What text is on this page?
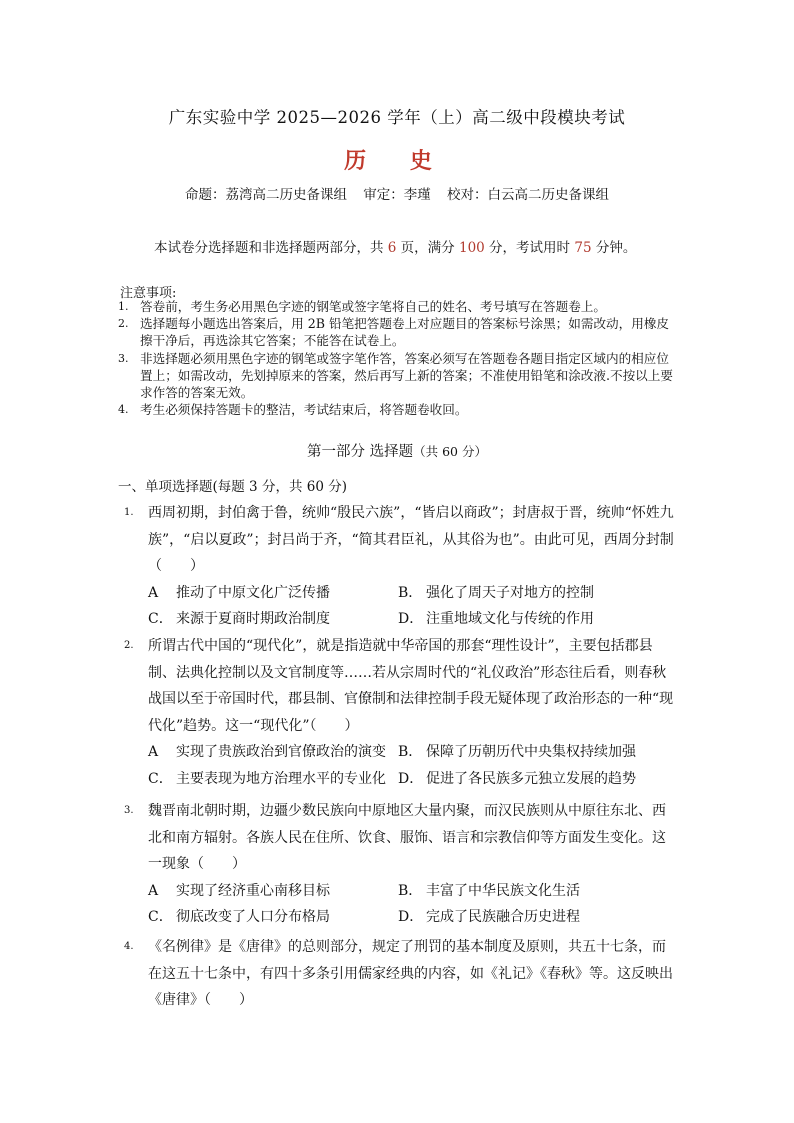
广东实验中学 2025—2026 学年（上）高二级中段模块考试
历 史
命题：荔湾高二历史备课组 审定：李瑾 校对：白云高二历史备课组
本试卷分选择题和非选择题两部分，共 6 页，满分 100 分，考试用时 75 分钟。
注意事项:
1. 答卷前，考生务必用黑色字迹的钢笔或签字笔将自己的姓名、考号填写在答题卷上。
2. 选择题每小题选出答案后，用 2B 铅笔把答题卷上对应题目的答案标号涂黑；如需改动，用橡皮擦干净后，再选涂其它答案；不能答在试卷上。
3. 非选择题必须用黑色字迹的钢笔或签字笔作答，答案必须写在答题卷各题目指定区域内的相应位置上；如需改动，先划掉原来的答案，然后再写上新的答案；不准使用铅笔和涂改液.不按以上要求作答的答案无效。
4. 考生必须保持答题卡的整洁，考试结束后，将答题卷收回。
第一部分 选择题（共 60 分）
一、单项选择题(每题 3 分，共 60 分)
1. 西周初期，封伯禽于鲁，统帅“殷民六族”，“皆启以商政”；封唐叔于晋，统帅“怀姓九族”，“启以夏政”；封吕尚于齐，“简其君臣礼，从其俗为也”。由此可见，西周分封制（　　）
A 推动了中原文化广泛传播	B． 强化了周天子对地方的控制
C． 来源于夏商时期政治制度	D． 注重地域文化与传统的作用
2. 所谓古代中国的“现代化”，就是指造就中华帝国的那套“理性设计”，主要包括郡县制、法典化控制以及文官制度等……若从宗周时代的“礼仪政治”形态往后看，则春秋战国以至于帝国时代，郡县制、官僚制和法律控制手段无疑体现了政治形态的一种“现代化”趋势。这一“现代化”（　　）
A 实现了贵族政治到官僚政治的演变 B． 保障了历朝历代中央集权持续加强
C． 主要表现为地方治理水平的专业化 D． 促进了各民族多元独立发展的趋势
3. 魏晋南北朝时期，边疆少数民族向中原地区大量内聚，而汉民族则从中原往东北、西北和南方辐射。各族人民在住所、饮食、服饰、语言和宗教信仰等方面发生变化。这一现象（　　）
A 实现了经济重心南移目标	B． 丰富了中华民族文化生活
C． 彻底改变了人口分布格局	D． 完成了民族融合历史进程
4. 《名例律》是《唐律》的总则部分，规定了刑罚的基本制度及原则，共五十七条，而在这五十七条中，有四十多条引用儒家经典的内容，如《礼记》《春秋》等。这反映出《唐律》（　　）
